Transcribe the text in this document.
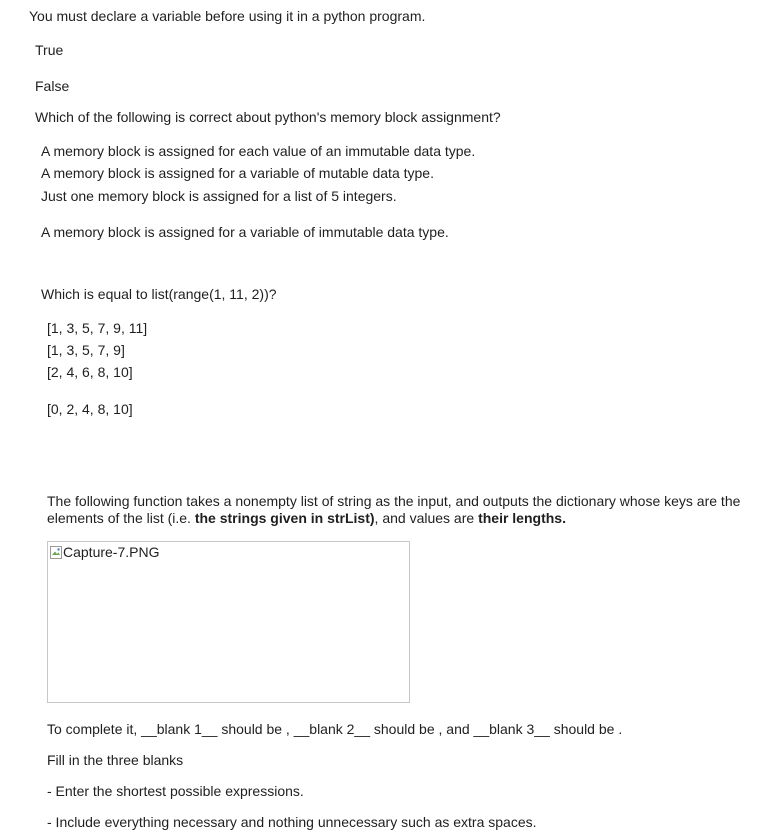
You must declare a variable before using it in a python program.
True
False
Which of the following is correct about python's memory block assignment?
A memory block is assigned for each value of an immutable data type.
A memory block is assigned for a variable of mutable data type.
Just one memory block is assigned for a list of 5 integers.
A memory block is assigned for a variable of immutable data type.
Which is equal to list(range(1, 11, 2))?
[1, 3, 5, 7, 9, 11]
[1, 3, 5, 7, 9]
[2, 4, 6, 8, 10]
[0, 2, 4, 8, 10]
The following function takes a nonempty list of string as the input, and outputs the dictionary whose keys are the elements of the list (i.e. the strings given in strList), and values are their lengths.
Capture-7.PNG
To complete it, __blank 1__ should be , __blank 2__ should be , and __blank 3__ should be .
Fill in the three blanks
- Enter the shortest possible expressions.
- Include everything necessary and nothing unnecessary such as extra spaces.
